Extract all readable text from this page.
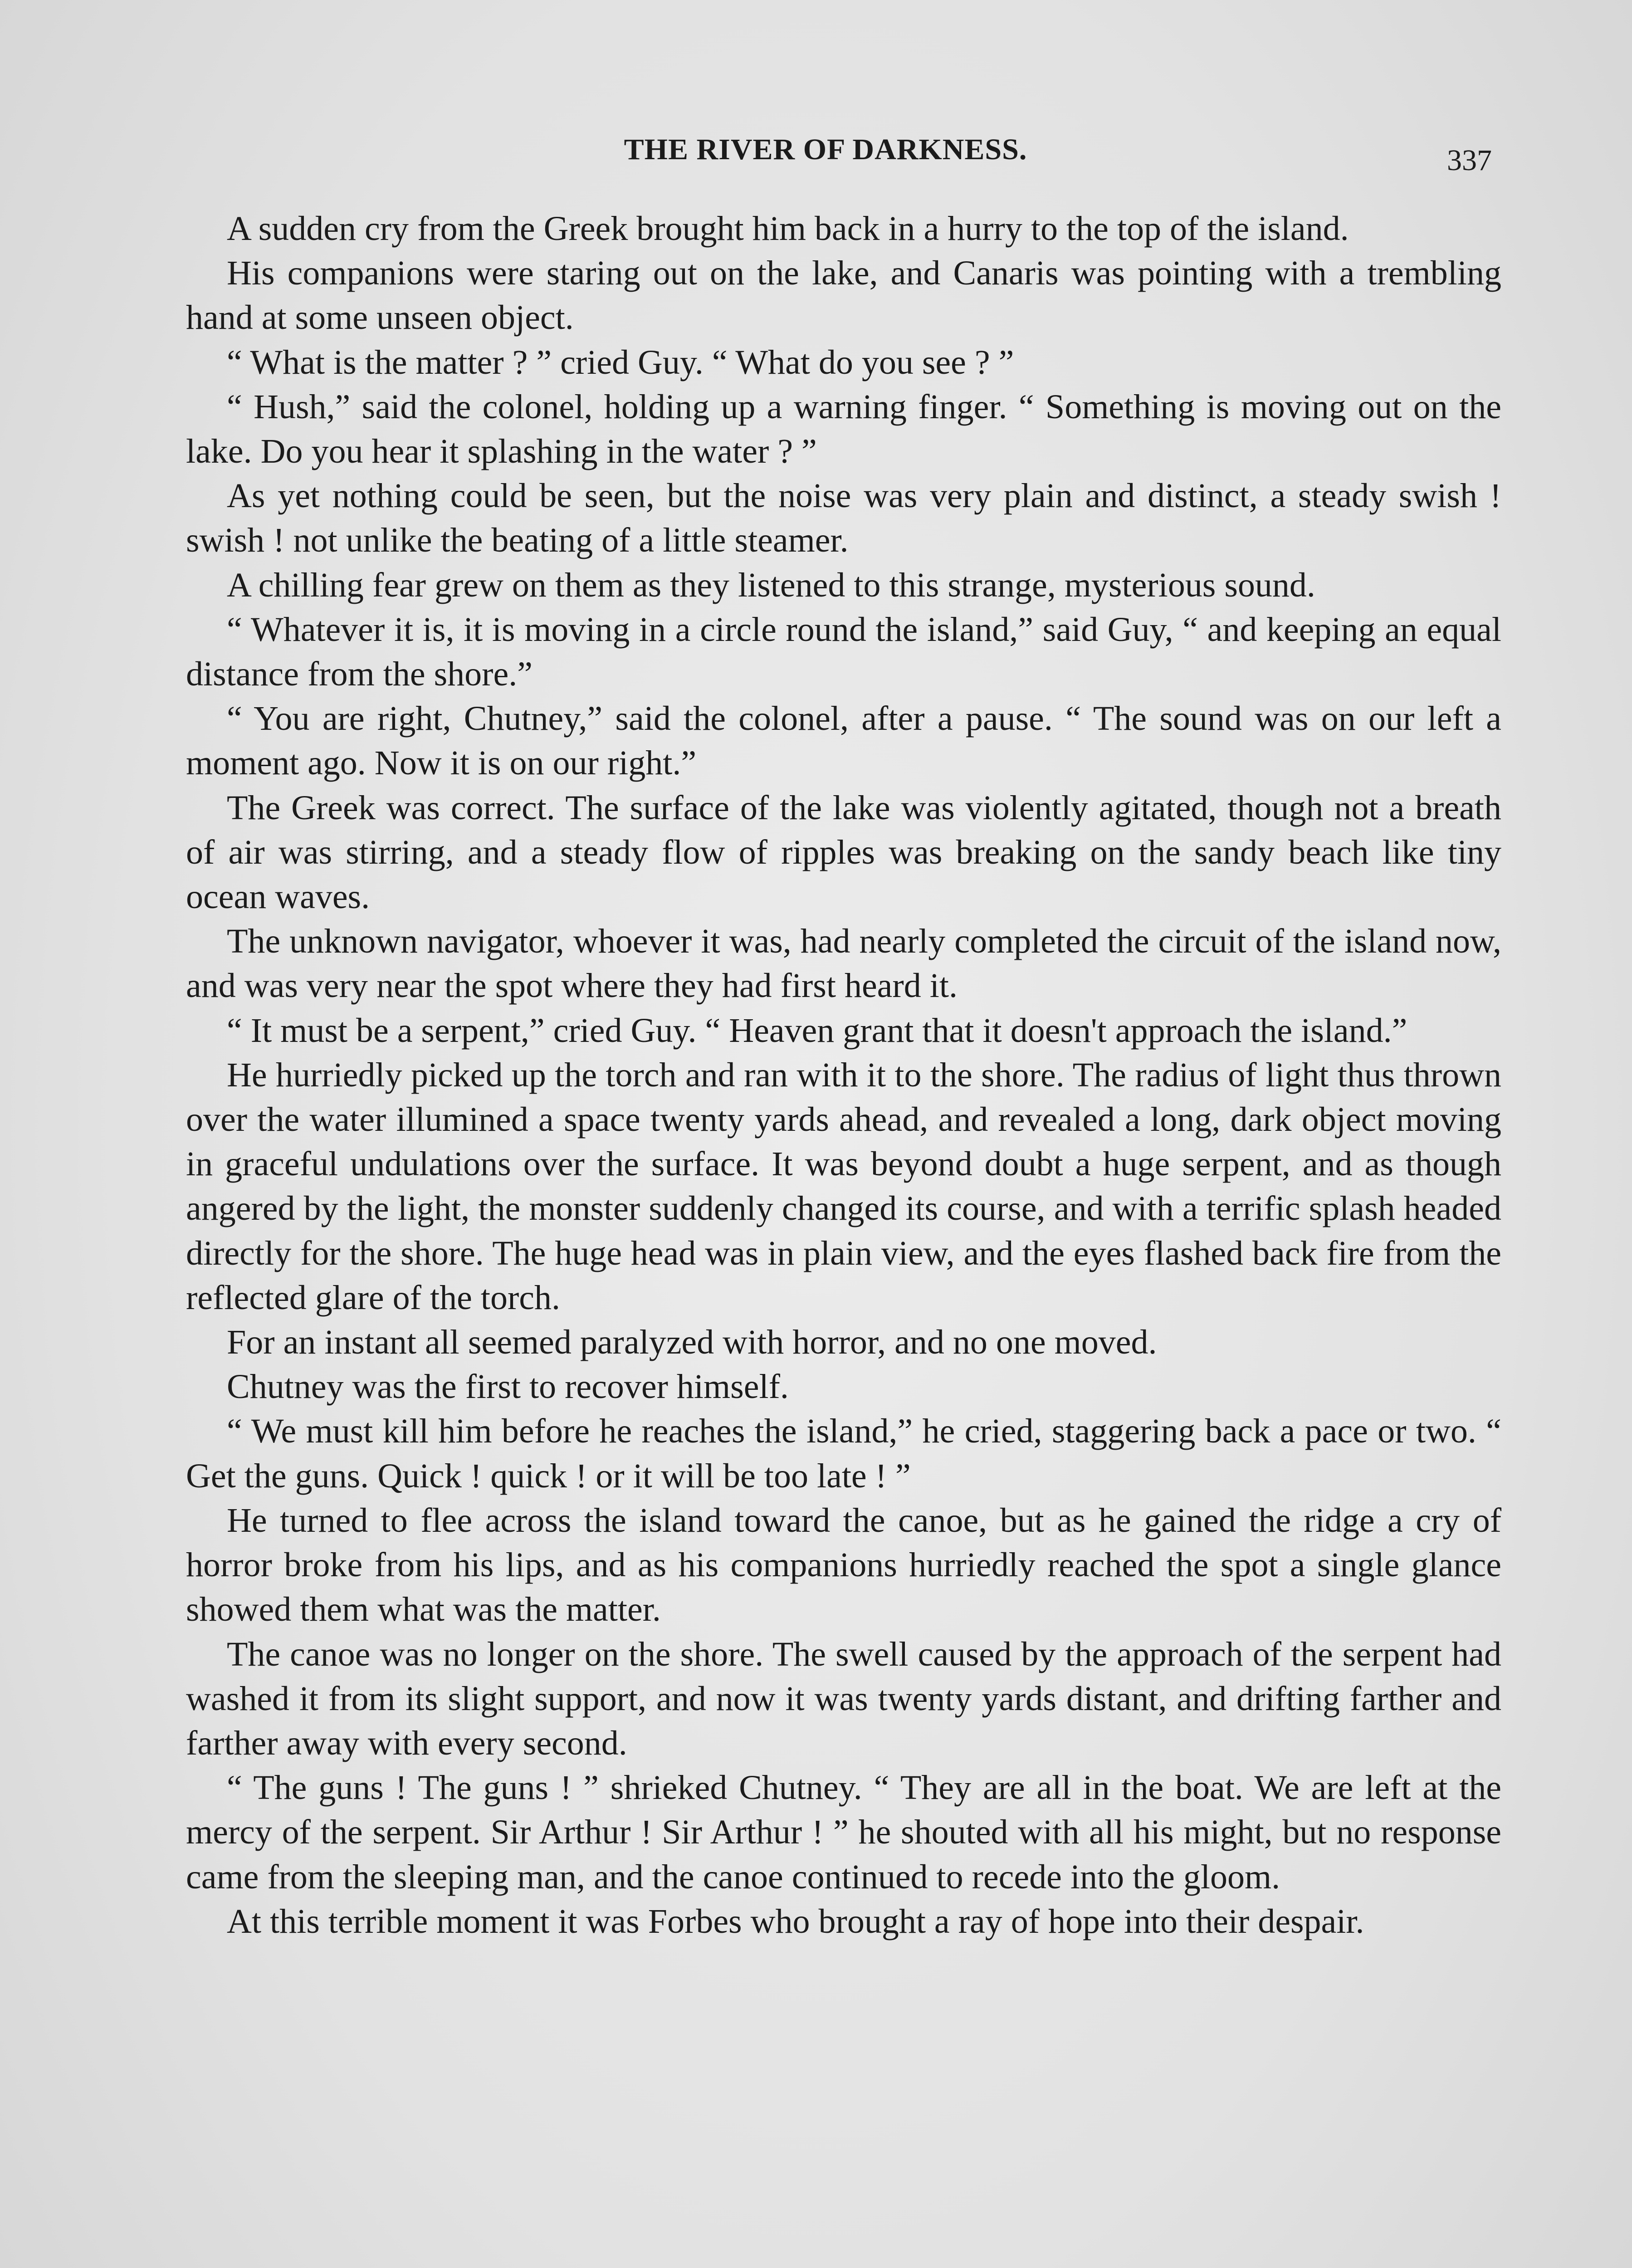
THE RIVER OF DARKNESS.	337

A sudden cry from the Greek brought him back in a hurry to the top of the island.

His companions were staring out on the lake, and Canaris was pointing with a trembling hand at some unseen object.

“ What is the matter ? ” cried Guy. “ What do you see ? ”

“ Hush,” said the colonel, holding up a warning finger. “ Something is moving out on the lake. Do you hear it splashing in the water ? ”

As yet nothing could be seen, but the noise was very plain and distinct, a steady swish ! swish ! not unlike the beating of a little steamer.

A chilling fear grew on them as they listened to this strange, mysterious sound.

“ Whatever it is, it is moving in a circle round the island,” said Guy, “ and keeping an equal distance from the shore.”

“ You are right, Chutney,” said the colonel, after a pause. “ The sound was on our left a moment ago. Now it is on our right.”

The Greek was correct. The surface of the lake was violently agitated, though not a breath of air was stirring, and a steady flow of ripples was breaking on the sandy beach like tiny ocean waves.

The unknown navigator, whoever it was, had nearly completed the circuit of the island now, and was very near the spot where they had first heard it.

“ It must be a serpent,” cried Guy. “ Heaven grant that it doesn't approach the island.”

He hurriedly picked up the torch and ran with it to the shore. The radius of light thus thrown over the water illumined a space twenty yards ahead, and revealed a long, dark object moving in graceful undulations over the surface. It was beyond doubt a huge serpent, and as though angered by the light, the monster suddenly changed its course, and with a terrific splash headed directly for the shore. The huge head was in plain view, and the eyes flashed back fire from the reflected glare of the torch.

For an instant all seemed paralyzed with horror, and no one moved.

Chutney was the first to recover himself.

“ We must kill him before he reaches the island,” he cried, staggering back a pace or two. “ Get the guns. Quick ! quick ! or it will be too late ! ”

He turned to flee across the island toward the canoe, but as he gained the ridge a cry of horror broke from his lips, and as his companions hurriedly reached the spot a single glance showed them what was the matter.

The canoe was no longer on the shore. The swell caused by the approach of the serpent had washed it from its slight support, and now it was twenty yards distant, and drifting farther and farther away with every second.

“ The guns ! The guns ! ” shrieked Chutney. “ They are all in the boat. We are left at the mercy of the serpent. Sir Arthur ! Sir Arthur ! ” he shouted with all his might, but no response came from the sleeping man, and the canoe continued to recede into the gloom.

At this terrible moment it was Forbes who brought a ray of hope into their despair.
